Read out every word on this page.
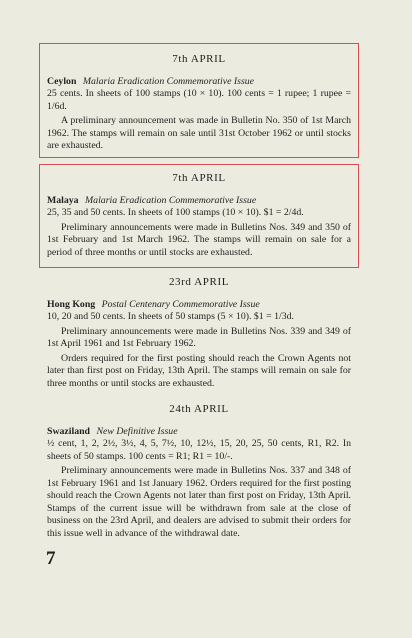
7th APRIL

Ceylon Malaria Eradication Commemorative Issue

25 cents. In sheets of 100 stamps (10 × 10). 100 cents = 1 rupee; 1 rupee = 1/6d.

A preliminary announcement was made in Bulletin No. 350 of 1st March 1962. The stamps will remain on sale until 31st October 1962 or until stocks are exhausted.

7th APRIL

Malaya Malaria Eradication Commemorative Issue

25, 35 and 50 cents. In sheets of 100 stamps (10 × 10). $1 = 2/4d.

Preliminary announcements were made in Bulletins Nos. 349 and 350 of 1st February and 1st March 1962. The stamps will remain on sale for a period of three months or until stocks are exhausted.

23rd APRIL

Hong Kong Postal Centenary Commemorative Issue

10, 20 and 50 cents. In sheets of 50 stamps (5 × 10). $1 = 1/3d.

Preliminary announcements were made in Bulletins Nos. 339 and 349 of 1st April 1961 and 1st February 1962.

Orders required for the first posting should reach the Crown Agents not later than first post on Friday, 13th April. The stamps will remain on sale for three months or until stocks are exhausted.

24th APRIL

Swaziland New Definitive Issue

½ cent, 1, 2, 2½, 3½, 4, 5, 7½, 10, 12½, 15, 20, 25, 50 cents, R1, R2. In sheets of 50 stamps. 100 cents = R1; R1 = 10/-.

Preliminary announcements were made in Bulletins Nos. 337 and 348 of 1st February 1961 and 1st January 1962. Orders required for the first posting should reach the Crown Agents not later than first post on Friday, 13th April. Stamps of the current issue will be withdrawn from sale at the close of business on the 23rd April, and dealers are advised to submit their orders for this issue well in advance of the withdrawal date.

7
